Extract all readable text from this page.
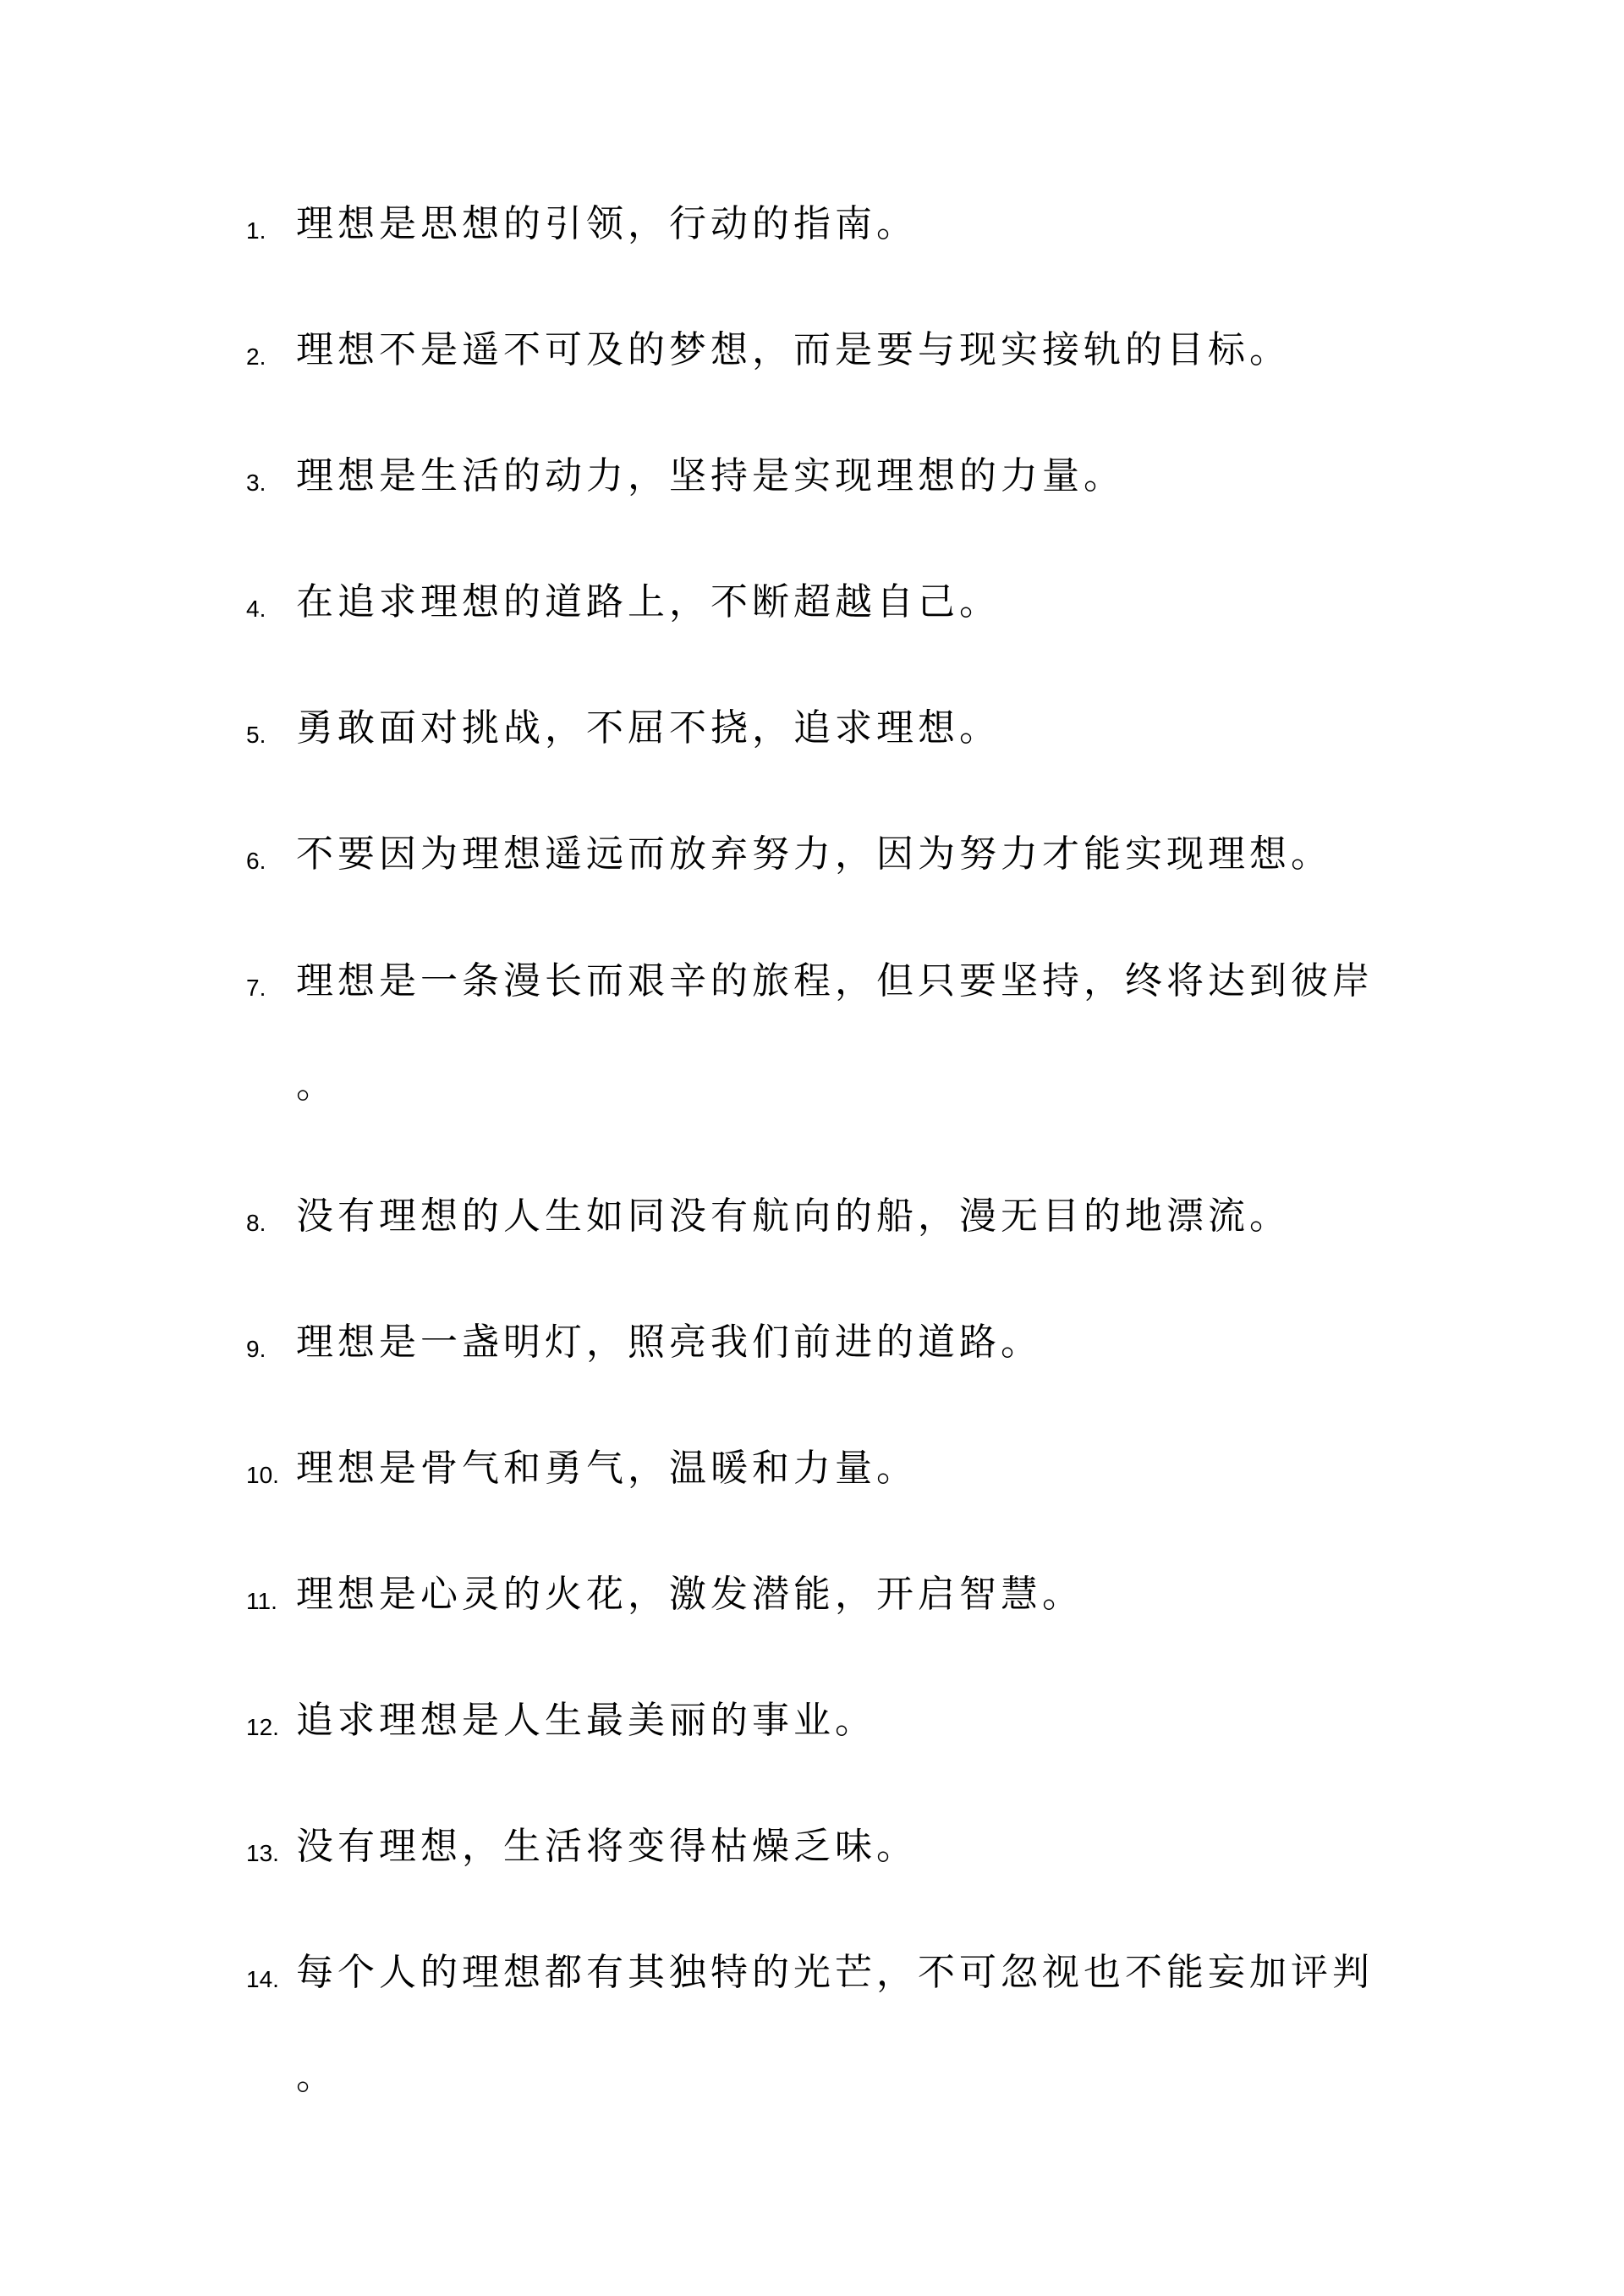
1. 理想是思想的引领，行动的指南。
2. 理想不是遥不可及的梦想，而是要与现实接轨的目标。
3. 理想是生活的动力，坚持是实现理想的力量。
4. 在追求理想的道路上，不断超越自己。
5. 勇敢面对挑战，不屈不挠，追求理想。
6. 不要因为理想遥远而放弃努力，因为努力才能实现理想。
7. 理想是一条漫长而艰辛的旅程，但只要坚持，终将达到彼岸
。
8. 没有理想的人生如同没有航向的船，漫无目的地漂流。
9. 理想是一盏明灯，照亮我们前进的道路。
10. 理想是骨气和勇气，温暖和力量。
11. 理想是心灵的火花，激发潜能，开启智慧。
12. 追求理想是人生最美丽的事业。
13. 没有理想，生活将变得枯燥乏味。
14. 每个人的理想都有其独特的光芒，不可忽视也不能妄加评判
。
